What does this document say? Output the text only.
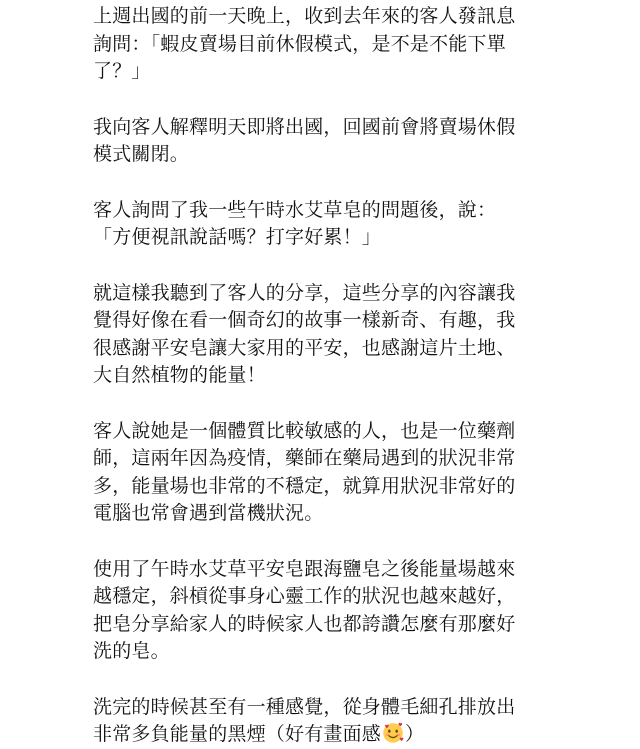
上週出國的前一天晚上，收到去年來的客人發訊息
詢問：「蝦皮賣場目前休假模式，是不是不能下單
了？」

我向客人解釋明天即將出國，回國前會將賣場休假
模式關閉。

客人詢問了我一些午時水艾草皂的問題後，說：
「方便視訊說話嗎？打字好累！」

就這樣我聽到了客人的分享，這些分享的內容讓我
覺得好像在看一個奇幻的故事一樣新奇、有趣，我
很感謝平安皂讓大家用的平安，也感謝這片土地、
大自然植物的能量！

客人說她是一個體質比較敏感的人，也是一位藥劑
師，這兩年因為疫情，藥師在藥局遇到的狀況非常
多，能量場也非常的不穩定，就算用狀況非常好的
電腦也常會遇到當機狀況。

使用了午時水艾草平安皂跟海鹽皂之後能量場越來
越穩定，斜槓從事身心靈工作的狀況也越來越好，
把皂分享給家人的時候家人也都誇讚怎麼有那麼好
洗的皂。

洗完的時候甚至有一種感覺，從身體毛細孔排放出
非常多負能量的黑煙（好有畫面感 ）
